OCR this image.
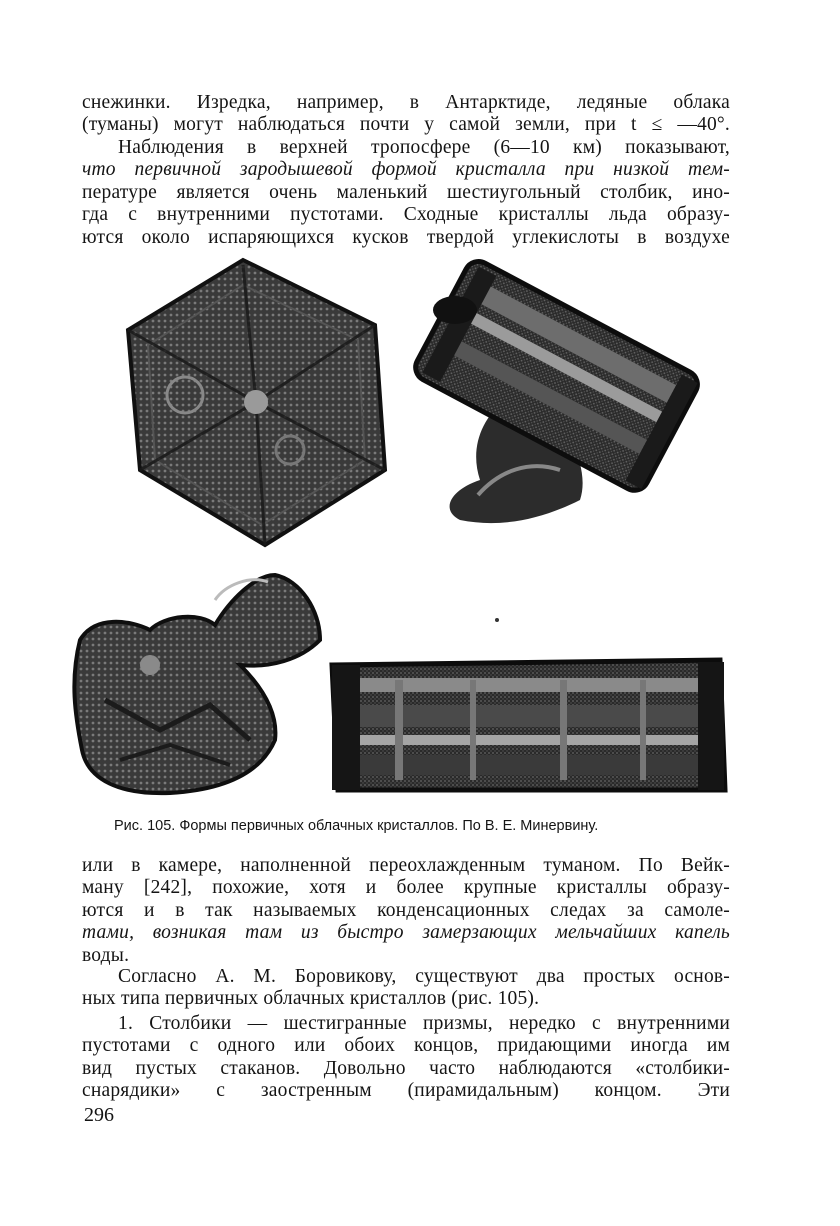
снежинки. Изредка, например, в Антарктиде, ледяные облака
(туманы) могут наблюдаться почти у самой земли, при t ≤ —40°.
Наблюдения в верхней тропосфере (6—10 км) показывают,
что первичной зародышевой формой кристалла при низкой тем-
пературе является очень маленький шестиугольный столбик, ино-
гда с внутренними пустотами. Сходные кристаллы льда образу-
ются около испаряющихся кусков твердой углекислоты в воздухе
Рис. 105. Формы первичных облачных кристаллов. По В. Е. Минервину.
или в камере, наполненной переохлажденным туманом. По Вейк-
ману [242], похожие, хотя и более крупные кристаллы образу-
ются и в так называемых конденсационных следах за самоле-
тами, возникая там из быстро замерзающих мельчайших капель
воды.
Согласно А. М. Боровикову, существуют два простых основ-
ных типа первичных облачных кристаллов (рис. 105).
1. Столбики — шестигранные призмы, нередко с внутренними
пустотами с одного или обоих концов, придающими иногда им
вид пустых стаканов. Довольно часто наблюдаются «столбики-
снарядики» с заостренным (пирамидальным) концом. Эти
296
